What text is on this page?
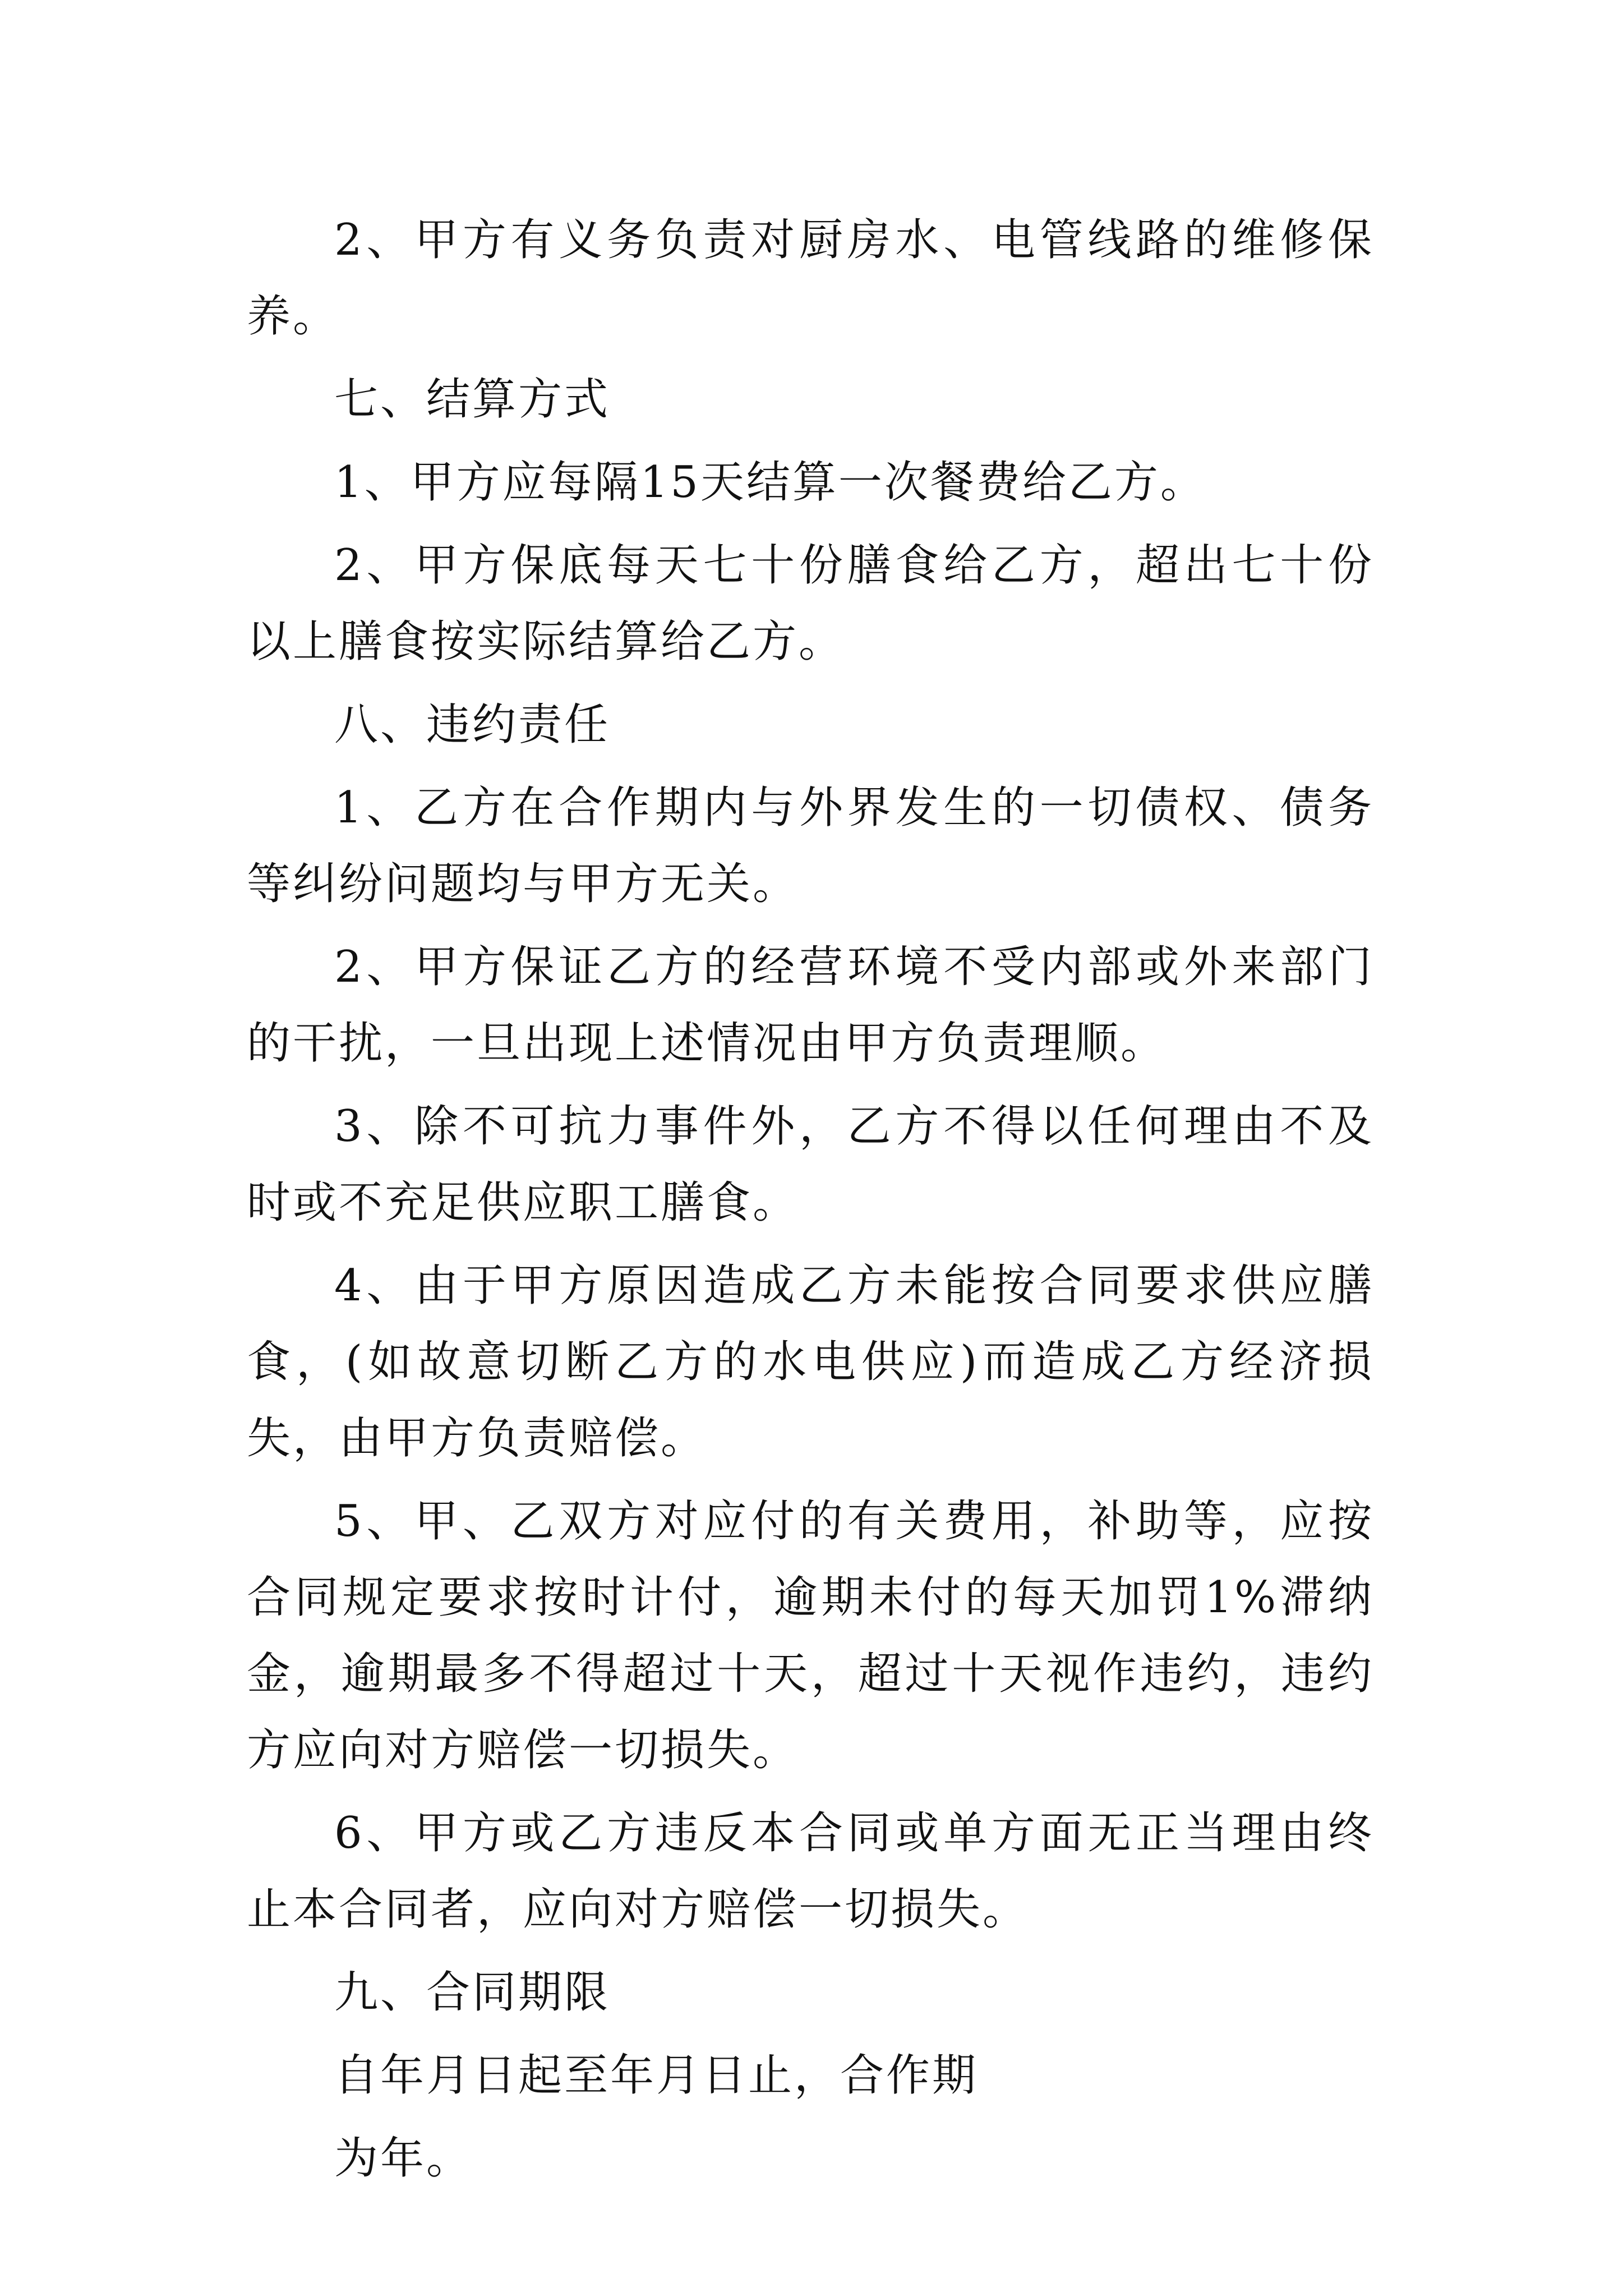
2、甲方有义务负责对厨房水、电管线路的维修保养。

七、结算方式

1、甲方应每隔15天结算一次餐费给乙方。

2、甲方保底每天七十份膳食给乙方，超出七十份以上膳食按实际结算给乙方。

八、违约责任

1、乙方在合作期内与外界发生的一切债权、债务等纠纷问题均与甲方无关。

2、甲方保证乙方的经营环境不受内部或外来部门的干扰，一旦出现上述情况由甲方负责理顺。

3、除不可抗力事件外，乙方不得以任何理由不及时或不充足供应职工膳食。

4、由于甲方原因造成乙方未能按合同要求供应膳食，(如故意切断乙方的水电供应)而造成乙方经济损失，由甲方负责赔偿。

5、甲、乙双方对应付的有关费用，补助等，应按合同规定要求按时计付，逾期未付的每天加罚1%滞纳金，逾期最多不得超过十天，超过十天视作违约，违约方应向对方赔偿一切损失。

6、甲方或乙方违反本合同或单方面无正当理由终止本合同者，应向对方赔偿一切损失。

九、合同期限

自年月日起至年月日止，合作期

为年。
